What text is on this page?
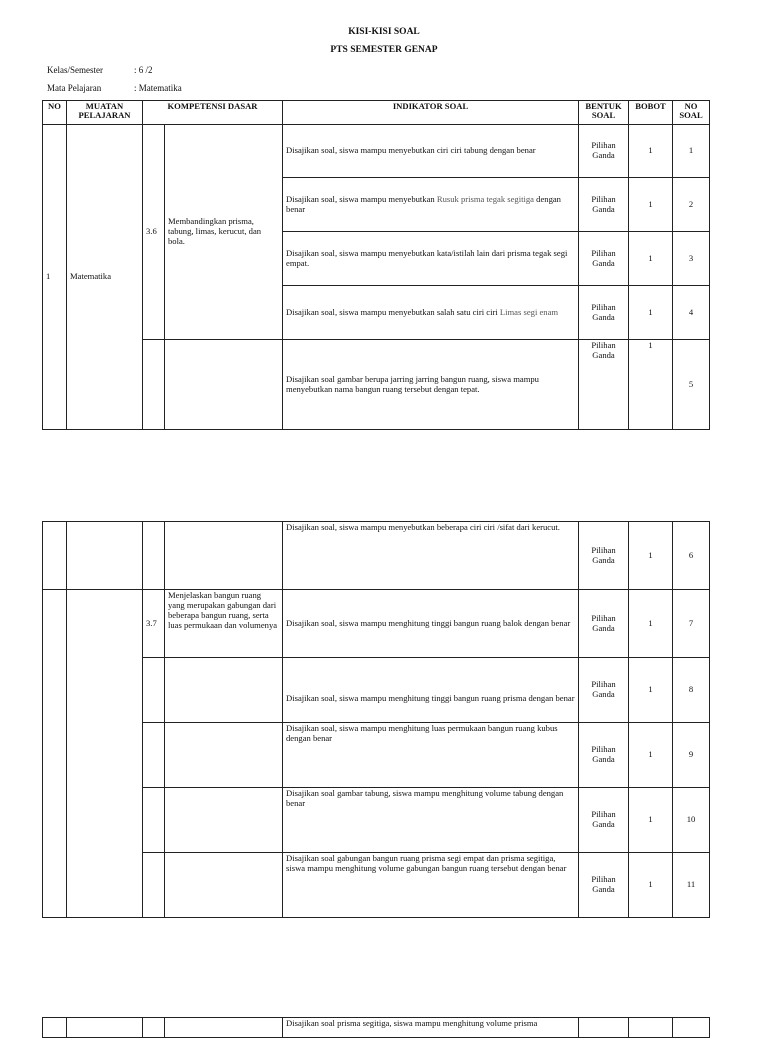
KISI-KISI SOAL
PTS SEMESTER GENAP
Kelas/Semester	: 6 /2
Mata Pelajaran	: Matematika
NO	MUATAN PELAJARAN	KOMPETENSI DASAR		INDIKATOR SOAL	BENTUK SOAL	BOBOT	NO SOAL
1	Matematika	3.6	Membandingkan prisma, tabung, limas, kerucut, dan bola.	Disajikan soal, siswa mampu menyebutkan ciri ciri tabung dengan benar	Pilihan Ganda	1	1
				Disajikan soal, siswa mampu menyebutkan Rusuk prisma tegak segitiga dengan benar	Pilihan Ganda	1	2
				Disajikan soal, siswa mampu menyebutkan kata/istilah lain dari prisma tegak segi empat.	Pilihan Ganda	1	3
				Disajikan soal, siswa mampu menyebutkan salah satu ciri ciri Limas segi enam	Pilihan Ganda	1	4
				Disajikan soal gambar berupa jarring jarring bangun ruang, siswa mampu menyebutkan nama bangun ruang tersebut dengan tepat.	Pilihan Ganda	1	5
				Disajikan soal, siswa mampu menyebutkan beberapa ciri ciri /sifat dari kerucut.	Pilihan Ganda	1	6
		3.7	Menjelaskan bangun ruang yang merupakan gabungan dari beberapa bangun ruang, serta luas permukaan dan volumenya	Disajikan soal, siswa mampu menghitung tinggi bangun ruang balok dengan benar	Pilihan Ganda	1	7
				Disajikan soal, siswa mampu menghitung tinggi bangun ruang prisma dengan benar	Pilihan Ganda	1	8
				Disajikan soal, siswa mampu menghitung luas permukaan bangun ruang kubus dengan benar	Pilihan Ganda	1	9
				Disajikan soal gambar tabung, siswa mampu menghitung volume tabung dengan benar	Pilihan Ganda	1	10
				Disajikan soal gabungan bangun ruang prisma segi empat dan prisma segitiga, siswa mampu menghitung volume gabungan bangun ruang tersebut dengan benar	Pilihan Ganda	1	11
				Disajikan soal prisma segitiga, siswa mampu menghitung volume prisma			
